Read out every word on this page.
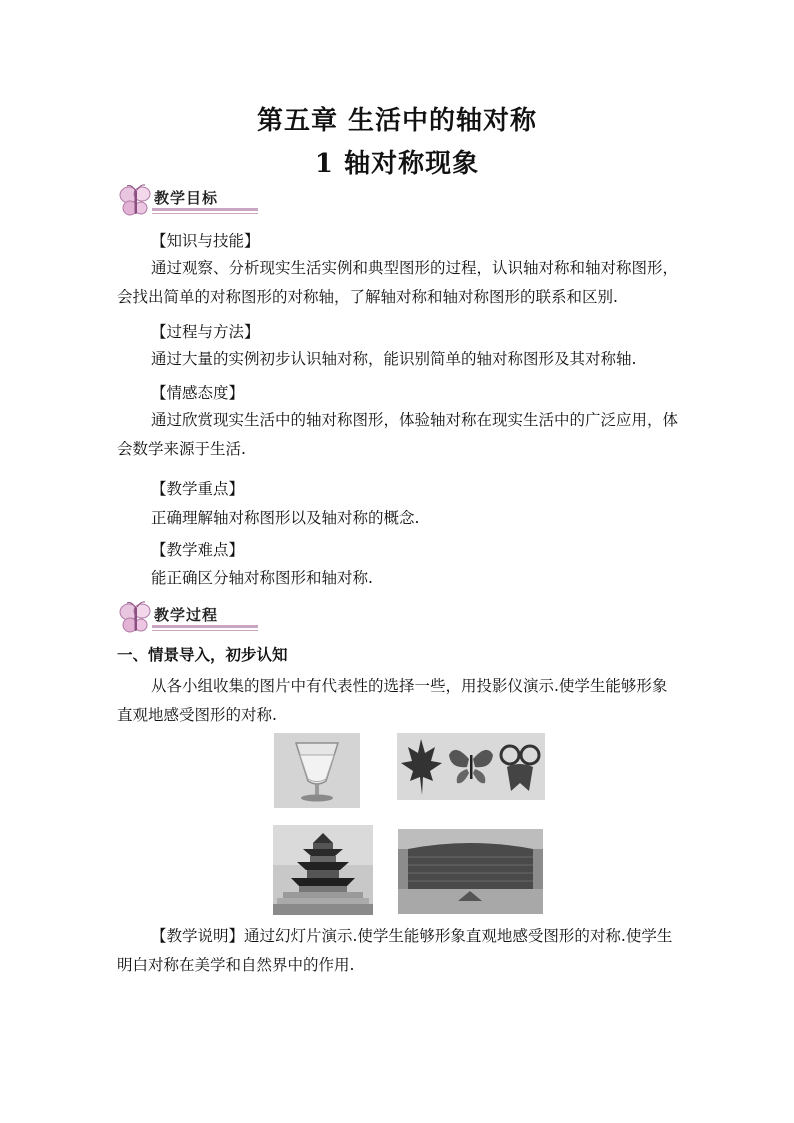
第五章 生活中的轴对称
1 轴对称现象
教学目标
【知识与技能】
通过观察、分析现实生活实例和典型图形的过程，认识轴对称和轴对称图形，会找出简单的对称图形的对称轴，了解轴对称和轴对称图形的联系和区别.
【过程与方法】
通过大量的实例初步认识轴对称，能识别简单的轴对称图形及其对称轴.
【情感态度】
通过欣赏现实生活中的轴对称图形，体验轴对称在现实生活中的广泛应用，体会数学来源于生活.
【教学重点】
正确理解轴对称图形以及轴对称的概念.
【教学难点】
能正确区分轴对称图形和轴对称.
教学过程
一、情景导入，初步认知
从各小组收集的图片中有代表性的选择一些，用投影仪演示.使学生能够形象直观地感受图形的对称.
【教学说明】通过幻灯片演示.使学生能够形象直观地感受图形的对称.使学生明白对称在美学和自然界中的作用.
